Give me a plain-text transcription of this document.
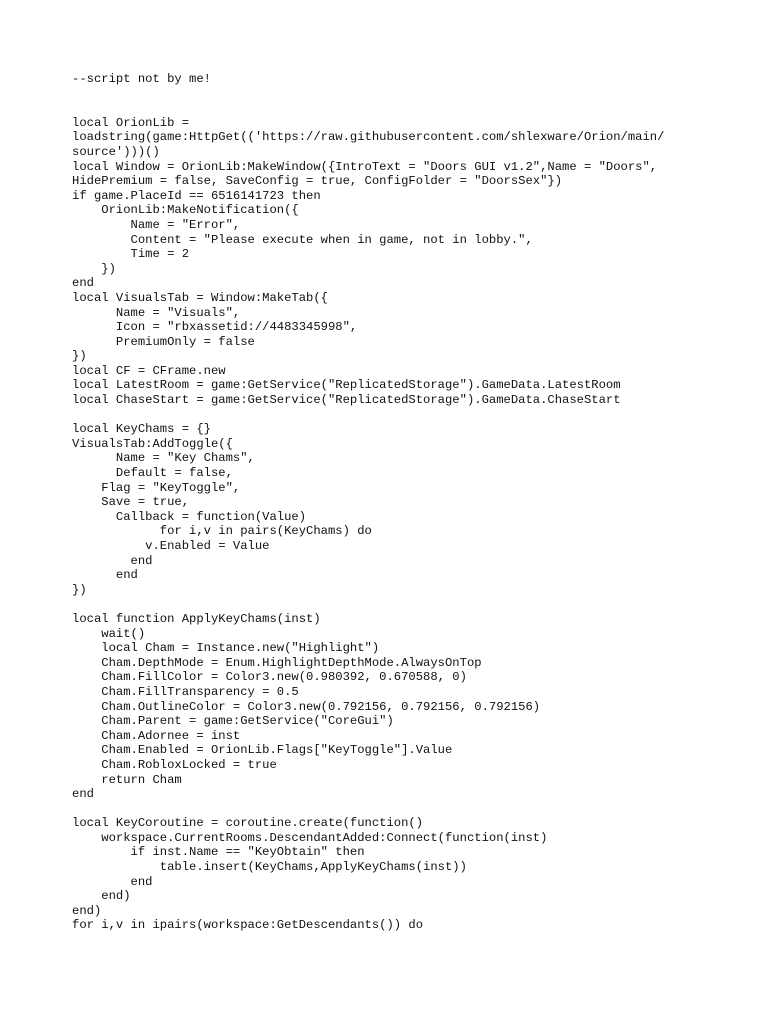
--script not by me!
local OrionLib =
loadstring(game:HttpGet(('https://raw.githubusercontent.com/shlexware/Orion/main/
source')))()
local Window = OrionLib:MakeWindow({IntroText = "Doors GUI v1.2",Name = "Doors",
HidePremium = false, SaveConfig = true, ConfigFolder = "DoorsSex"})
if game.PlaceId == 6516141723 then
OrionLib:MakeNotification({
Name = "Error",
Content = "Please execute when in game, not in lobby.",
Time = 2
})
end
local VisualsTab = Window:MakeTab({
Name = "Visuals",
Icon = "rbxassetid://4483345998",
PremiumOnly = false
})
local CF = CFrame.new
local LatestRoom = game:GetService("ReplicatedStorage").GameData.LatestRoom
local ChaseStart = game:GetService("ReplicatedStorage").GameData.ChaseStart
local KeyChams = {}
VisualsTab:AddToggle({
Name = "Key Chams",
Default = false,
Flag = "KeyToggle",
Save = true,
Callback = function(Value)
for i,v in pairs(KeyChams) do
v.Enabled = Value
end
end
})
local function ApplyKeyChams(inst)
wait()
local Cham = Instance.new("Highlight")
Cham.DepthMode = Enum.HighlightDepthMode.AlwaysOnTop
Cham.FillColor = Color3.new(0.980392, 0.670588, 0)
Cham.FillTransparency = 0.5
Cham.OutlineColor = Color3.new(0.792156, 0.792156, 0.792156)
Cham.Parent = game:GetService("CoreGui")
Cham.Adornee = inst
Cham.Enabled = OrionLib.Flags["KeyToggle"].Value
Cham.RobloxLocked = true
return Cham
end
local KeyCoroutine = coroutine.create(function()
workspace.CurrentRooms.DescendantAdded:Connect(function(inst)
if inst.Name == "KeyObtain" then
table.insert(KeyChams,ApplyKeyChams(inst))
end
end)
end)
for i,v in ipairs(workspace:GetDescendants()) do
